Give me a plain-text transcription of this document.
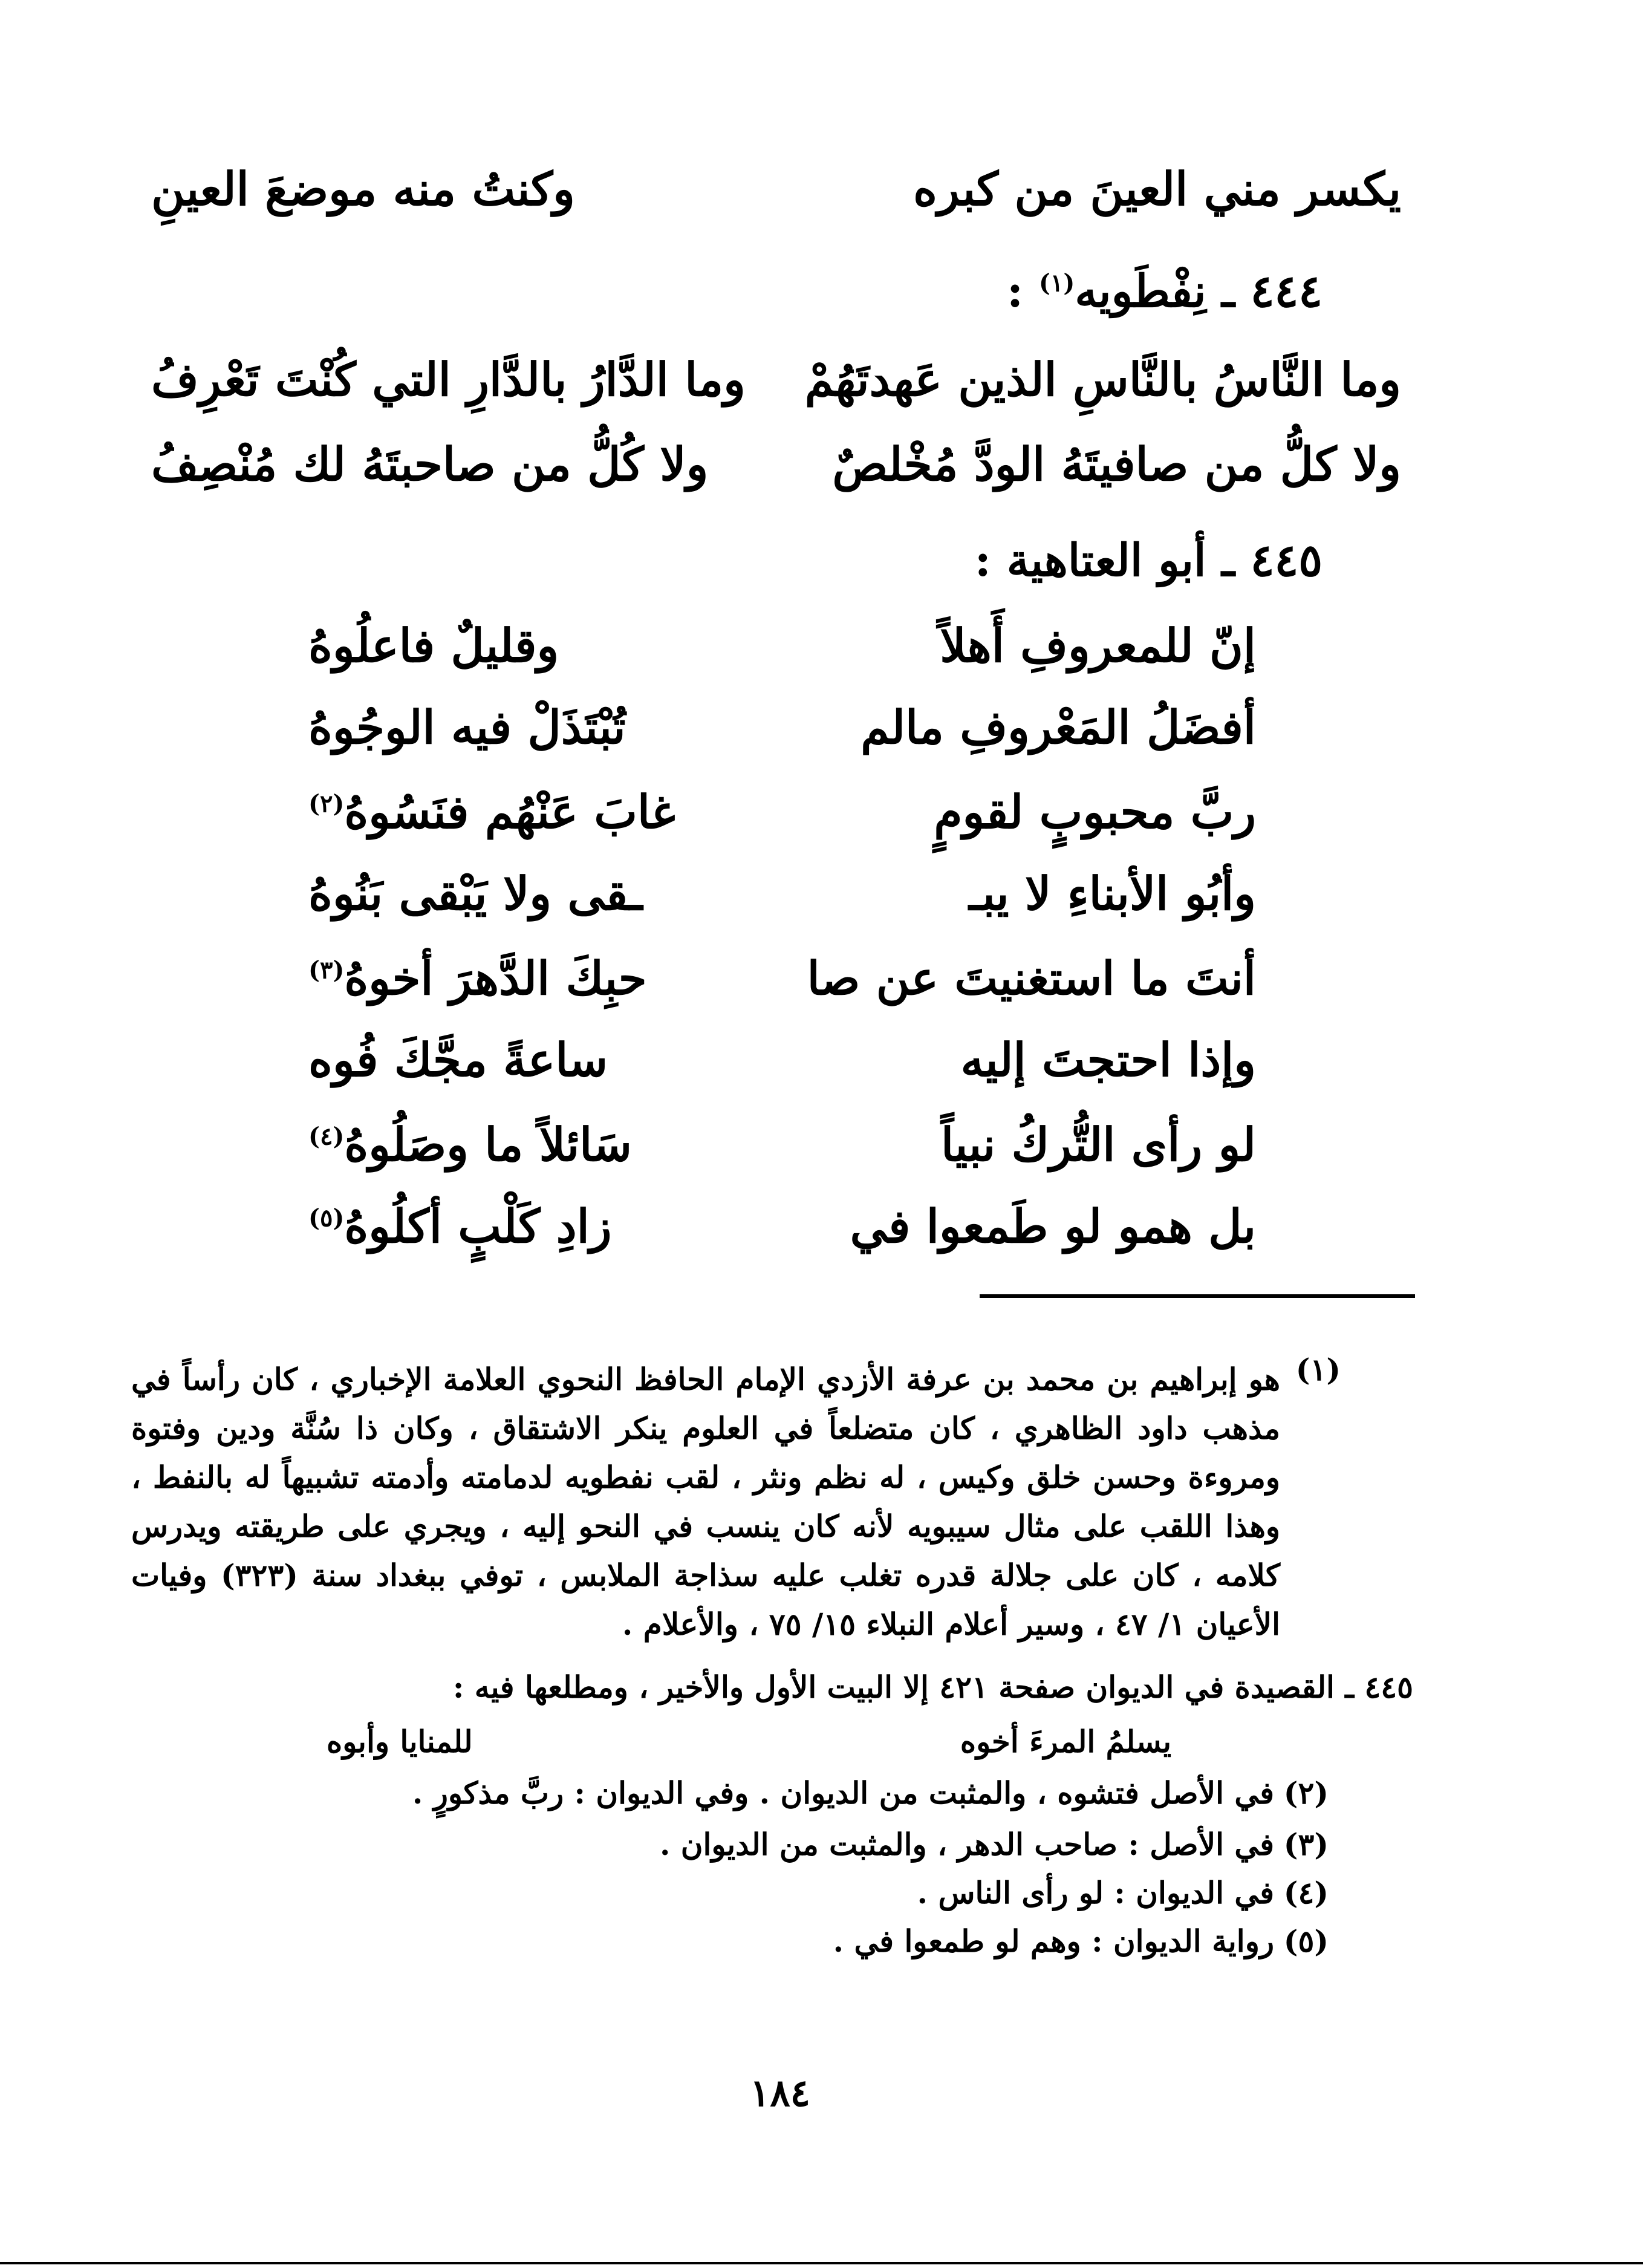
يكسر مني العينَ من كبره
وكنتُ منه موضعَ العينِ
٤٤٤ ـ نِفْطَويه$^{(١)}$ :
وما النَّاسُ بالنَّاسِ الذين عَهدتَهُمْ
وما الدَّارُ بالدَّارِ التي كُنْتَ تَعْرِفُ
ولا كلُّ من صافيتَهُ الودَّ مُخْلصٌ
ولا كُلُّ من صاحبتَهُ لك مُنْصِفُ
٤٤٥ ـ أبو العتاهية :
إنّ للمعروفِ أَهلاً
وقليلٌ فاعلُوهُ
أفضَلُ المَعْروفِ مالم
تُبْتَذَلْ فيه الوجُوهُ
ربَّ محبوبٍ لقومٍ
غابَ عَنْهُم فنَسُوهُ$^{(٢)}$
وأبُو الأبناءِ لا يبـ
ـقى ولا يَبْقى بَنُوهُ
أنتَ ما استغنيتَ عن صا
حبِكَ الدَّهرَ أخوهُ$^{(٣)}$
وإذا احتجتَ إليه
ساعةً مجَّكَ فُوه
لو رأى التُّركُ نبياً
سَائلاً ما وصَلُوهُ$^{(٤)}$
بل همو لو طَمعوا في
زادِ كَلْبٍ أكلُوهُ$^{(٥)}$
(١)
هو إبراهيم بن محمد بن عرفة الأزدي الإمام الحافظ النحوي العلامة الإخباري ، كان رأساً في مذهب داود الظاهري ، كان متضلعاً في العلوم ينكر الاشتقاق ، وكان ذا سُنَّة ودين وفتوة ومروءة وحسن خلق وكيس ، له نظم ونثر ، لقب نفطويه لدمامته وأدمته تشبيهاً له بالنفط ، وهذا اللقب على مثال سيبويه لأنه كان ينسب في النحو إليه ، ويجري على طريقته ويدرس كلامه ، كان على جلالة قدره تغلب عليه سذاجة الملابس ، توفي ببغداد سنة (٣٢٣) وفيات الأعيان ١/ ٤٧ ، وسير أعلام النبلاء ١٥/ ٧٥ ، والأعلام .
٤٤٥ ـ القصيدة في الديوان صفحة ٤٢١ إلا البيت الأول والأخير ، ومطلعها فيه :
يسلمُ المرءَ أخوه
للمنايا وأبوه
(٢)
في الأصل فتشوه ، والمثبت من الديوان . وفي الديوان : ربَّ مذكورٍ .
(٣)
في الأصل : صاحب الدهر ، والمثبت من الديوان .
(٤)
في الديوان : لو رأى الناس .
(٥)
رواية الديوان : وهم لو طمعوا في .
١٨٤
